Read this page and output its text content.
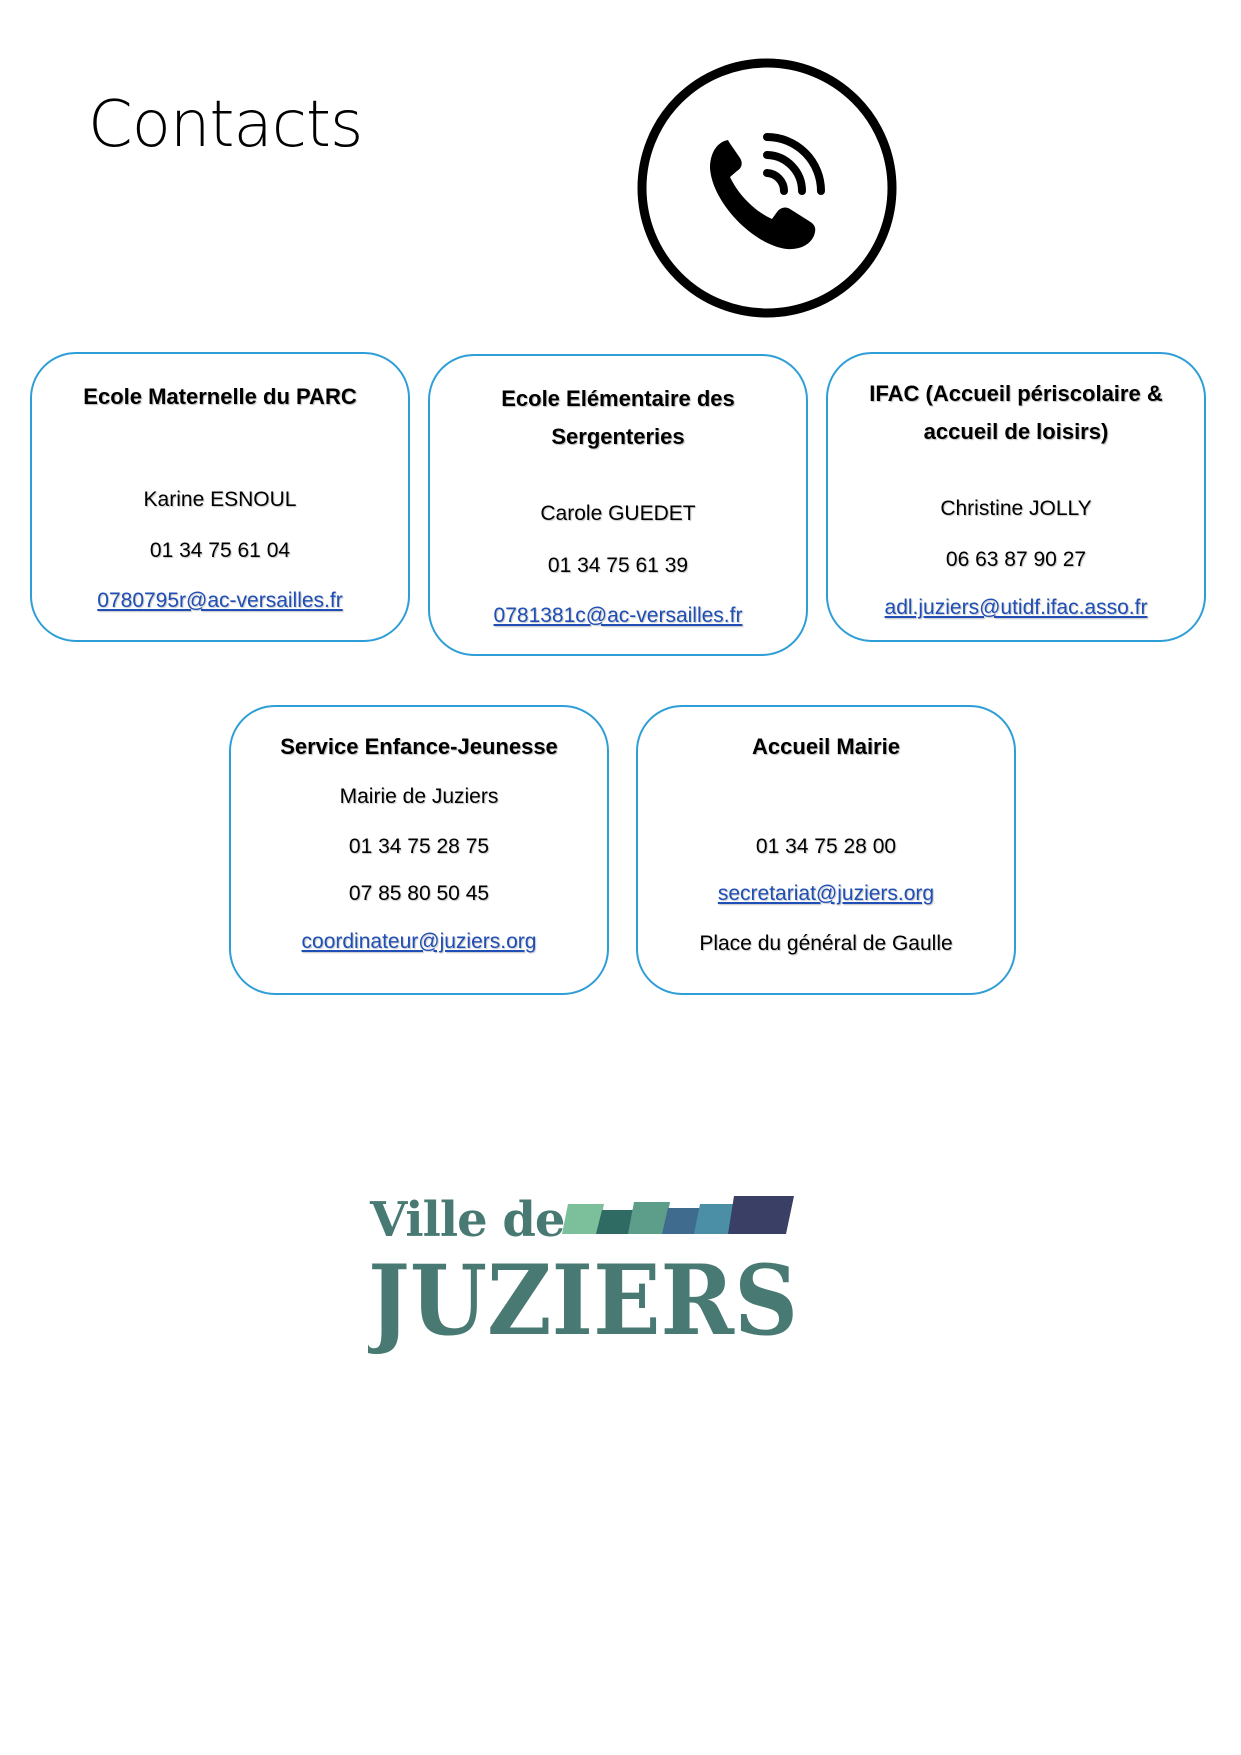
Contacts
Ecole Maternelle du PARC
Karine ESNOUL
01 34 75 61 04
0780795r@ac-versailles.fr
Ecole Elémentaire des
Sergenteries
Carole GUEDET
01 34 75 61 39
0781381c@ac-versailles.fr
IFAC (Accueil périscolaire &
accueil de loisirs)
Christine JOLLY
06 63 87 90 27
adl.juziers@utidf.ifac.asso.fr
Service Enfance-Jeunesse
Mairie de Juziers
01 34 75 28 75
07 85 80 50 45
coordinateur@juziers.org
Accueil Mairie
01 34 75 28 00
secretariat@juziers.org
Place du général de Gaulle
Ville de
JUZIERS
